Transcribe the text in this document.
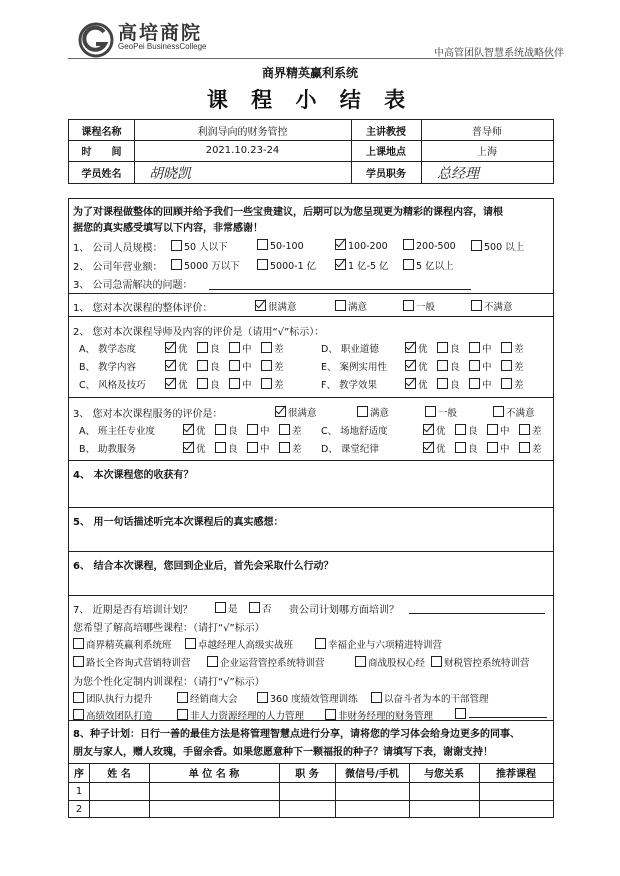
高培商院
GeoPei BusinessCollege
中高管团队智慧系统战略伙伴
商界精英赢利系统
课 程 小 结 表
课程名称	利润导向的财务管控	主讲教授	普导师
时　　间	2021.10.23-24	上课地点	上海
学员姓名	胡晓凯	学员职务	总经理
为了对课程做整体的回顾并给予我们一些宝贵建议，后期可以为您呈现更为精彩的课程内容，请根
据您的真实感受填写以下内容，非常感谢！
1、 公司人员规模：	50 人以下	50-100	100-200	200-500	500 以上
2、 公司年营业额：	5000 万以下	5000-1 亿	1 亿-5 亿	5 亿以上
3、 公司急需解决的问题：
1、 您对本次课程的整体评价：	很满意	满意	一般	不满意
2、 您对本次课程导师及内容的评价是（请用“√”标示）：
A、 教学态度	优	良	中	差	D、 职业道德	优	良	中	差
B、 教学内容	优	良	中	差	E、 案例实用性	优	良	中	差
C、 风格及技巧	优	良	中	差	F、 教学效果	优	良	中	差
3、 您对本次课程服务的评价是：	很满意	满意	一般	不满意
A、 班主任专业度	优	良	中	差 C、 场地舒适度	优	良	中	差
B、 助教服务	优	良	中	差 D、 课堂纪律	优	良	中	差
4、 本次课程您的收获有？
5、 用一句话描述听完本次课程后的真实感想：
6、 结合本次课程，您回到企业后，首先会采取什么行动？
7、 近期是否有培训计划？	是	否 贵公司计划哪方面培训？
您希望了解高培哪些课程：（请打“√”标示）
商界精英赢利系统班	卓越经理人高级实战班	幸福企业与六项精进特训营
路长全咨询式营销特训营	企业运营管控系统特训营	商战股权心经	财税管控系统特训营
为您个性化定制内训课程：（请打“√”标示）
团队执行力提升	经销商大会	360 度绩效管理训练	以奋斗者为本的干部管理
高绩效团队打造	非人力资源经理的人力管理	非财务经理的财务管理
8、种子计划：日行一善的最佳方法是将管理智慧点进行分享，请将您的学习体会给身边更多的同事、
朋友与家人，赠人玫瑰，手留余香。如果您愿意种下一颗福报的种子？请填写下表，谢谢支持！
序	姓 名	单 位 名 称	职 务	微信号/手机	与您关系	推荐课程
1
2
